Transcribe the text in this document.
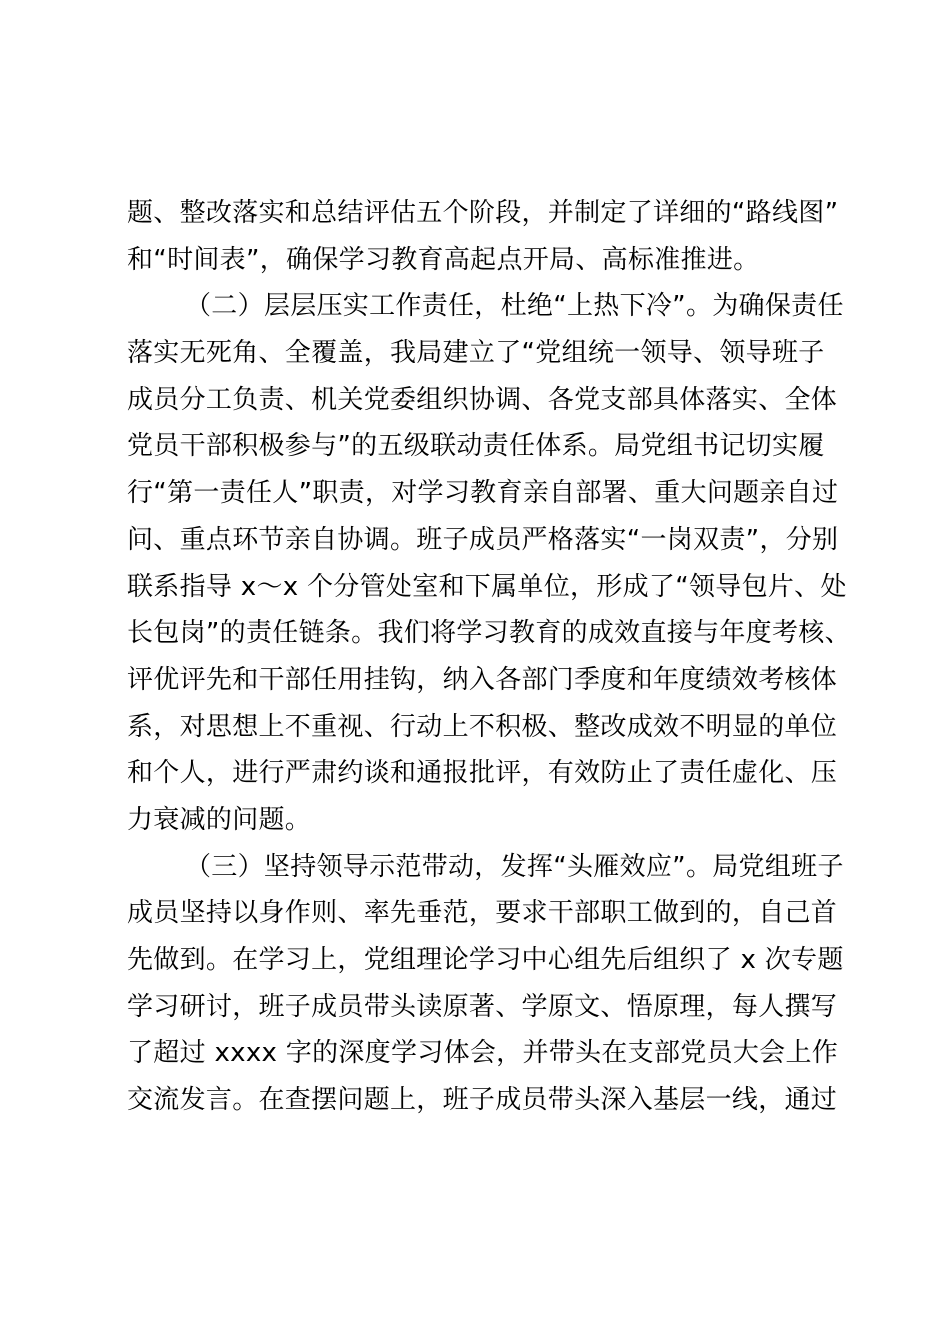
题、整改落实和总结评估五个阶段，并制定了详细的“路线图”
和“时间表”，确保学习教育高起点开局、高标准推进。
（二）层层压实工作责任，杜绝“上热下冷”。为确保责任
落实无死角、全覆盖，我局建立了“党组统一领导、领导班子
成员分工负责、机关党委组织协调、各党支部具体落实、全体
党员干部积极参与”的五级联动责任体系。局党组书记切实履
行“第一责任人”职责，对学习教育亲自部署、重大问题亲自过
问、重点环节亲自协调。班子成员严格落实“一岗双责”，分别
联系指导 x～x 个分管处室和下属单位，形成了“领导包片、处
长包岗”的责任链条。我们将学习教育的成效直接与年度考核、
评优评先和干部任用挂钩，纳入各部门季度和年度绩效考核体
系，对思想上不重视、行动上不积极、整改成效不明显的单位
和个人，进行严肃约谈和通报批评，有效防止了责任虚化、压
力衰减的问题。
（三）坚持领导示范带动，发挥“头雁效应”。局党组班子
成员坚持以身作则、率先垂范，要求干部职工做到的，自己首
先做到。在学习上，党组理论学习中心组先后组织了 x 次专题
学习研讨，班子成员带头读原著、学原文、悟原理，每人撰写
了超过 xxxx 字的深度学习体会，并带头在支部党员大会上作
交流发言。在查摆问题上，班子成员带头深入基层一线，通过
